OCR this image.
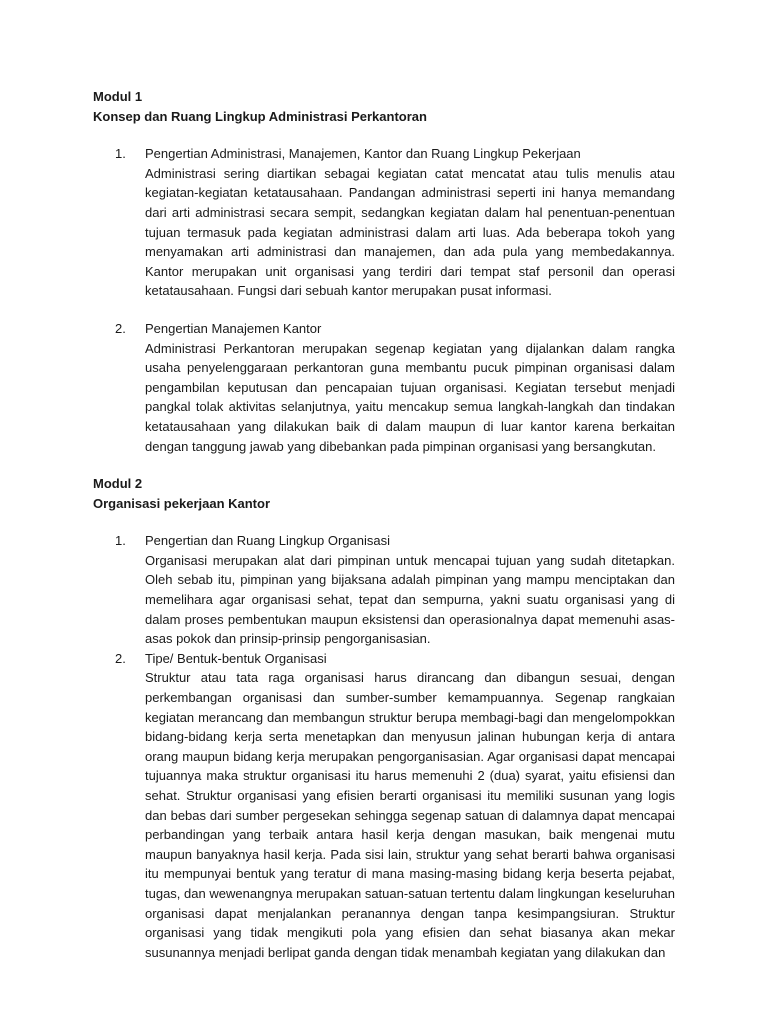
Modul 1

Konsep dan Ruang Lingkup Administrasi Perkantoran

1.	Pengertian Administrasi, Manajemen, Kantor dan Ruang Lingkup Pekerjaan

Administrasi sering diartikan sebagai kegiatan catat mencatat atau tulis menulis atau kegiatan-kegiatan ketatausahaan. Pandangan administrasi seperti ini hanya memandang dari arti administrasi secara sempit, sedangkan kegiatan dalam hal penentuan-penentuan tujuan termasuk pada kegiatan administrasi dalam arti luas. Ada beberapa tokoh yang menyamakan arti administrasi dan manajemen, dan ada pula yang membedakannya. Kantor merupakan unit organisasi yang terdiri dari tempat staf personil dan operasi ketatausahaan. Fungsi dari sebuah kantor merupakan pusat informasi.

2.	Pengertian Manajemen Kantor

Administrasi Perkantoran merupakan segenap kegiatan yang dijalankan dalam rangka usaha penyelenggaraan perkantoran guna membantu pucuk pimpinan organisasi dalam pengambilan keputusan dan pencapaian tujuan organisasi. Kegiatan tersebut menjadi pangkal tolak aktivitas selanjutnya, yaitu mencakup semua langkah-langkah dan tindakan ketatausahaan yang dilakukan baik di dalam maupun di luar kantor karena berkaitan dengan tanggung jawab yang dibebankan pada pimpinan organisasi yang bersangkutan.

Modul 2

Organisasi pekerjaan Kantor

1.	Pengertian dan Ruang Lingkup Organisasi

Organisasi merupakan alat dari pimpinan untuk mencapai tujuan yang sudah ditetapkan. Oleh sebab itu, pimpinan yang bijaksana adalah pimpinan yang mampu menciptakan dan memelihara agar organisasi sehat, tepat dan sempurna, yakni suatu organisasi yang di dalam proses pembentukan maupun eksistensi dan operasionalnya dapat memenuhi asas-asas pokok dan prinsip-prinsip pengorganisasian.

2.	Tipe/ Bentuk-bentuk Organisasi

Struktur atau tata raga organisasi harus dirancang dan dibangun sesuai, dengan perkembangan organisasi dan sumber-sumber kemampuannya. Segenap rangkaian kegiatan merancang dan membangun struktur berupa membagi-bagi dan mengelompokkan bidang-bidang kerja serta menetapkan dan menyusun jalinan hubungan kerja di antara orang maupun bidang kerja merupakan pengorganisasian. Agar organisasi dapat mencapai tujuannya maka struktur organisasi itu harus memenuhi 2 (dua) syarat, yaitu efisiensi dan sehat. Struktur organisasi yang efisien berarti organisasi itu memiliki susunan yang logis dan bebas dari sumber pergesekan sehingga segenap satuan di dalamnya dapat mencapai perbandingan yang terbaik antara hasil kerja dengan masukan, baik mengenai mutu maupun banyaknya hasil kerja. Pada sisi lain, struktur yang sehat berarti bahwa organisasi itu mempunyai bentuk yang teratur di mana masing-masing bidang kerja beserta pejabat, tugas, dan wewenangnya merupakan satuan-satuan tertentu dalam lingkungan keseluruhan organisasi dapat menjalankan peranannya dengan tanpa kesimpangsiuran. Struktur organisasi yang tidak mengikuti pola yang efisien dan sehat biasanya akan mekar susunannya menjadi berlipat ganda dengan tidak menambah kegiatan yang dilakukan dan
